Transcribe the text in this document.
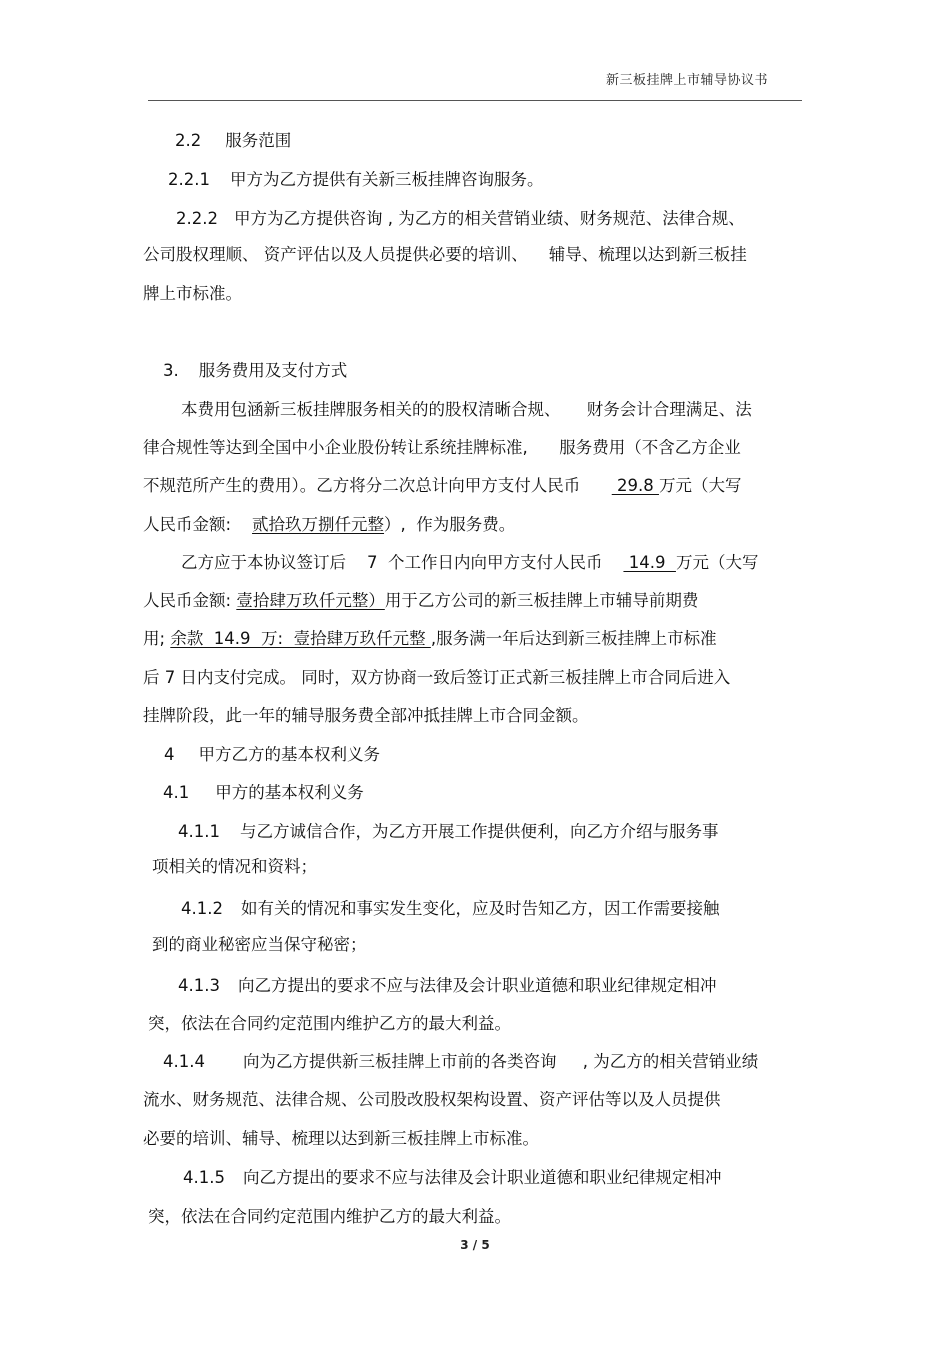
新三板挂牌上市辅导协议书
2.2 服务范围
2.2.1 甲方为乙方提供有关新三板挂牌咨询服务。
2.2.2 甲方为乙方提供咨询 , 为乙方的相关营销业绩、财务规范、法律合规、
公司股权理顺、 资产评估以及人员提供必要的培训、    辅导、梳理以达到新三板挂
牌上市标准。
3. 服务费用及支付方式
本费用包涵新三板挂牌服务相关的的股权清晰合规、     财务会计合理满足、法
律合规性等达到全国中小企业股份转让系统挂牌标准,      服务费用（不含乙方企业
不规范所产生的费用）。乙方将分二次总计向甲方支付人民币       29.8 万元（大写
人民币金额:    贰拾玖万捌仟元整）,  作为服务费。
乙方应于本协议签订后    7  个工作日内向甲方支付人民币     14.9  万元（大写
人民币金额: 壹拾肆万玖仟元整）用于乙方公司的新三板挂牌上市辅导前期费
用; 余款  14.9  万:  壹拾肆万玖仟元整 ,服务满一年后达到新三板挂牌上市标准
后 7 日内支付完成。 同时，双方协商一致后签订正式新三板挂牌上市合同后进入
挂牌阶段，此一年的辅导服务费全部冲抵挂牌上市合同金额。
4 甲方乙方的基本权利义务
4.1 甲方的基本权利义务
4.1.1 与乙方诚信合作，为乙方开展工作提供便利，向乙方介绍与服务事
项相关的情况和资料；
4.1.2 如有关的情况和事实发生变化，应及时告知乙方，因工作需要接触
到的商业秘密应当保守秘密；
4.1.3 向乙方提出的要求不应与法律及会计职业道德和职业纪律规定相冲
突，依法在合同约定范围内维护乙方的最大利益。
4.1.4 向为乙方提供新三板挂牌上市前的各类咨询     , 为乙方的相关营销业绩
流水、财务规范、法律合规、公司股改股权架构设置、资产评估等以及人员提供
必要的培训、辅导、梳理以达到新三板挂牌上市标准。
4.1.5 向乙方提出的要求不应与法律及会计职业道德和职业纪律规定相冲
突，依法在合同约定范围内维护乙方的最大利益。
3 / 5
